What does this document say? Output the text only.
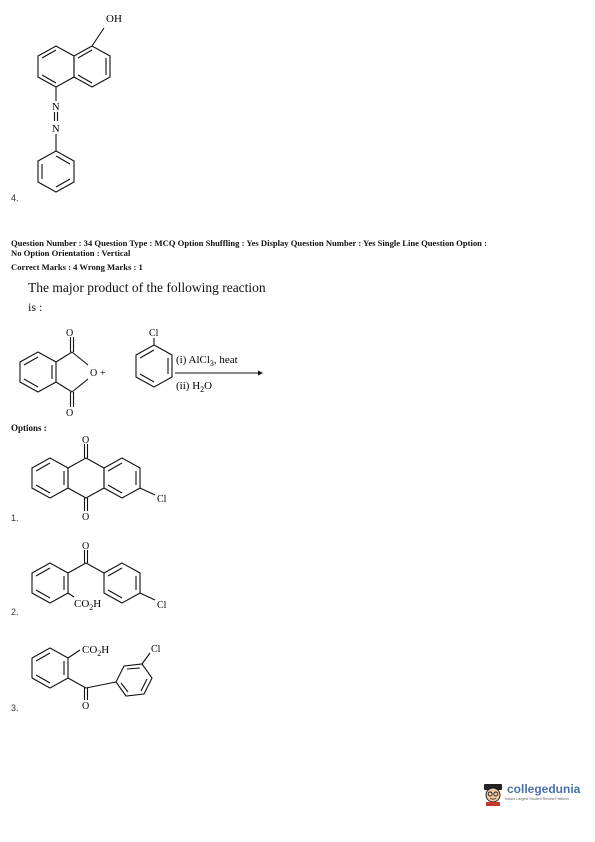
OH
N
N
4.
Question Number : 34 Question Type : MCQ Option Shuffling : Yes Display Question Number : Yes Single Line Question Option :
No Option Orientation : Vertical
Correct Marks : 4 Wrong Marks : 1
The major product of the following reaction
is :
O
O +
O
Cl
(i) AlCl$_3$, heat
(ii) $H_2O$
Options :
O
O
Cl
1.
O
$CO_2H$	Cl
2.
$CO_2H$	Cl
O
3.
collegedunia
India's Largest Student Review Platform
